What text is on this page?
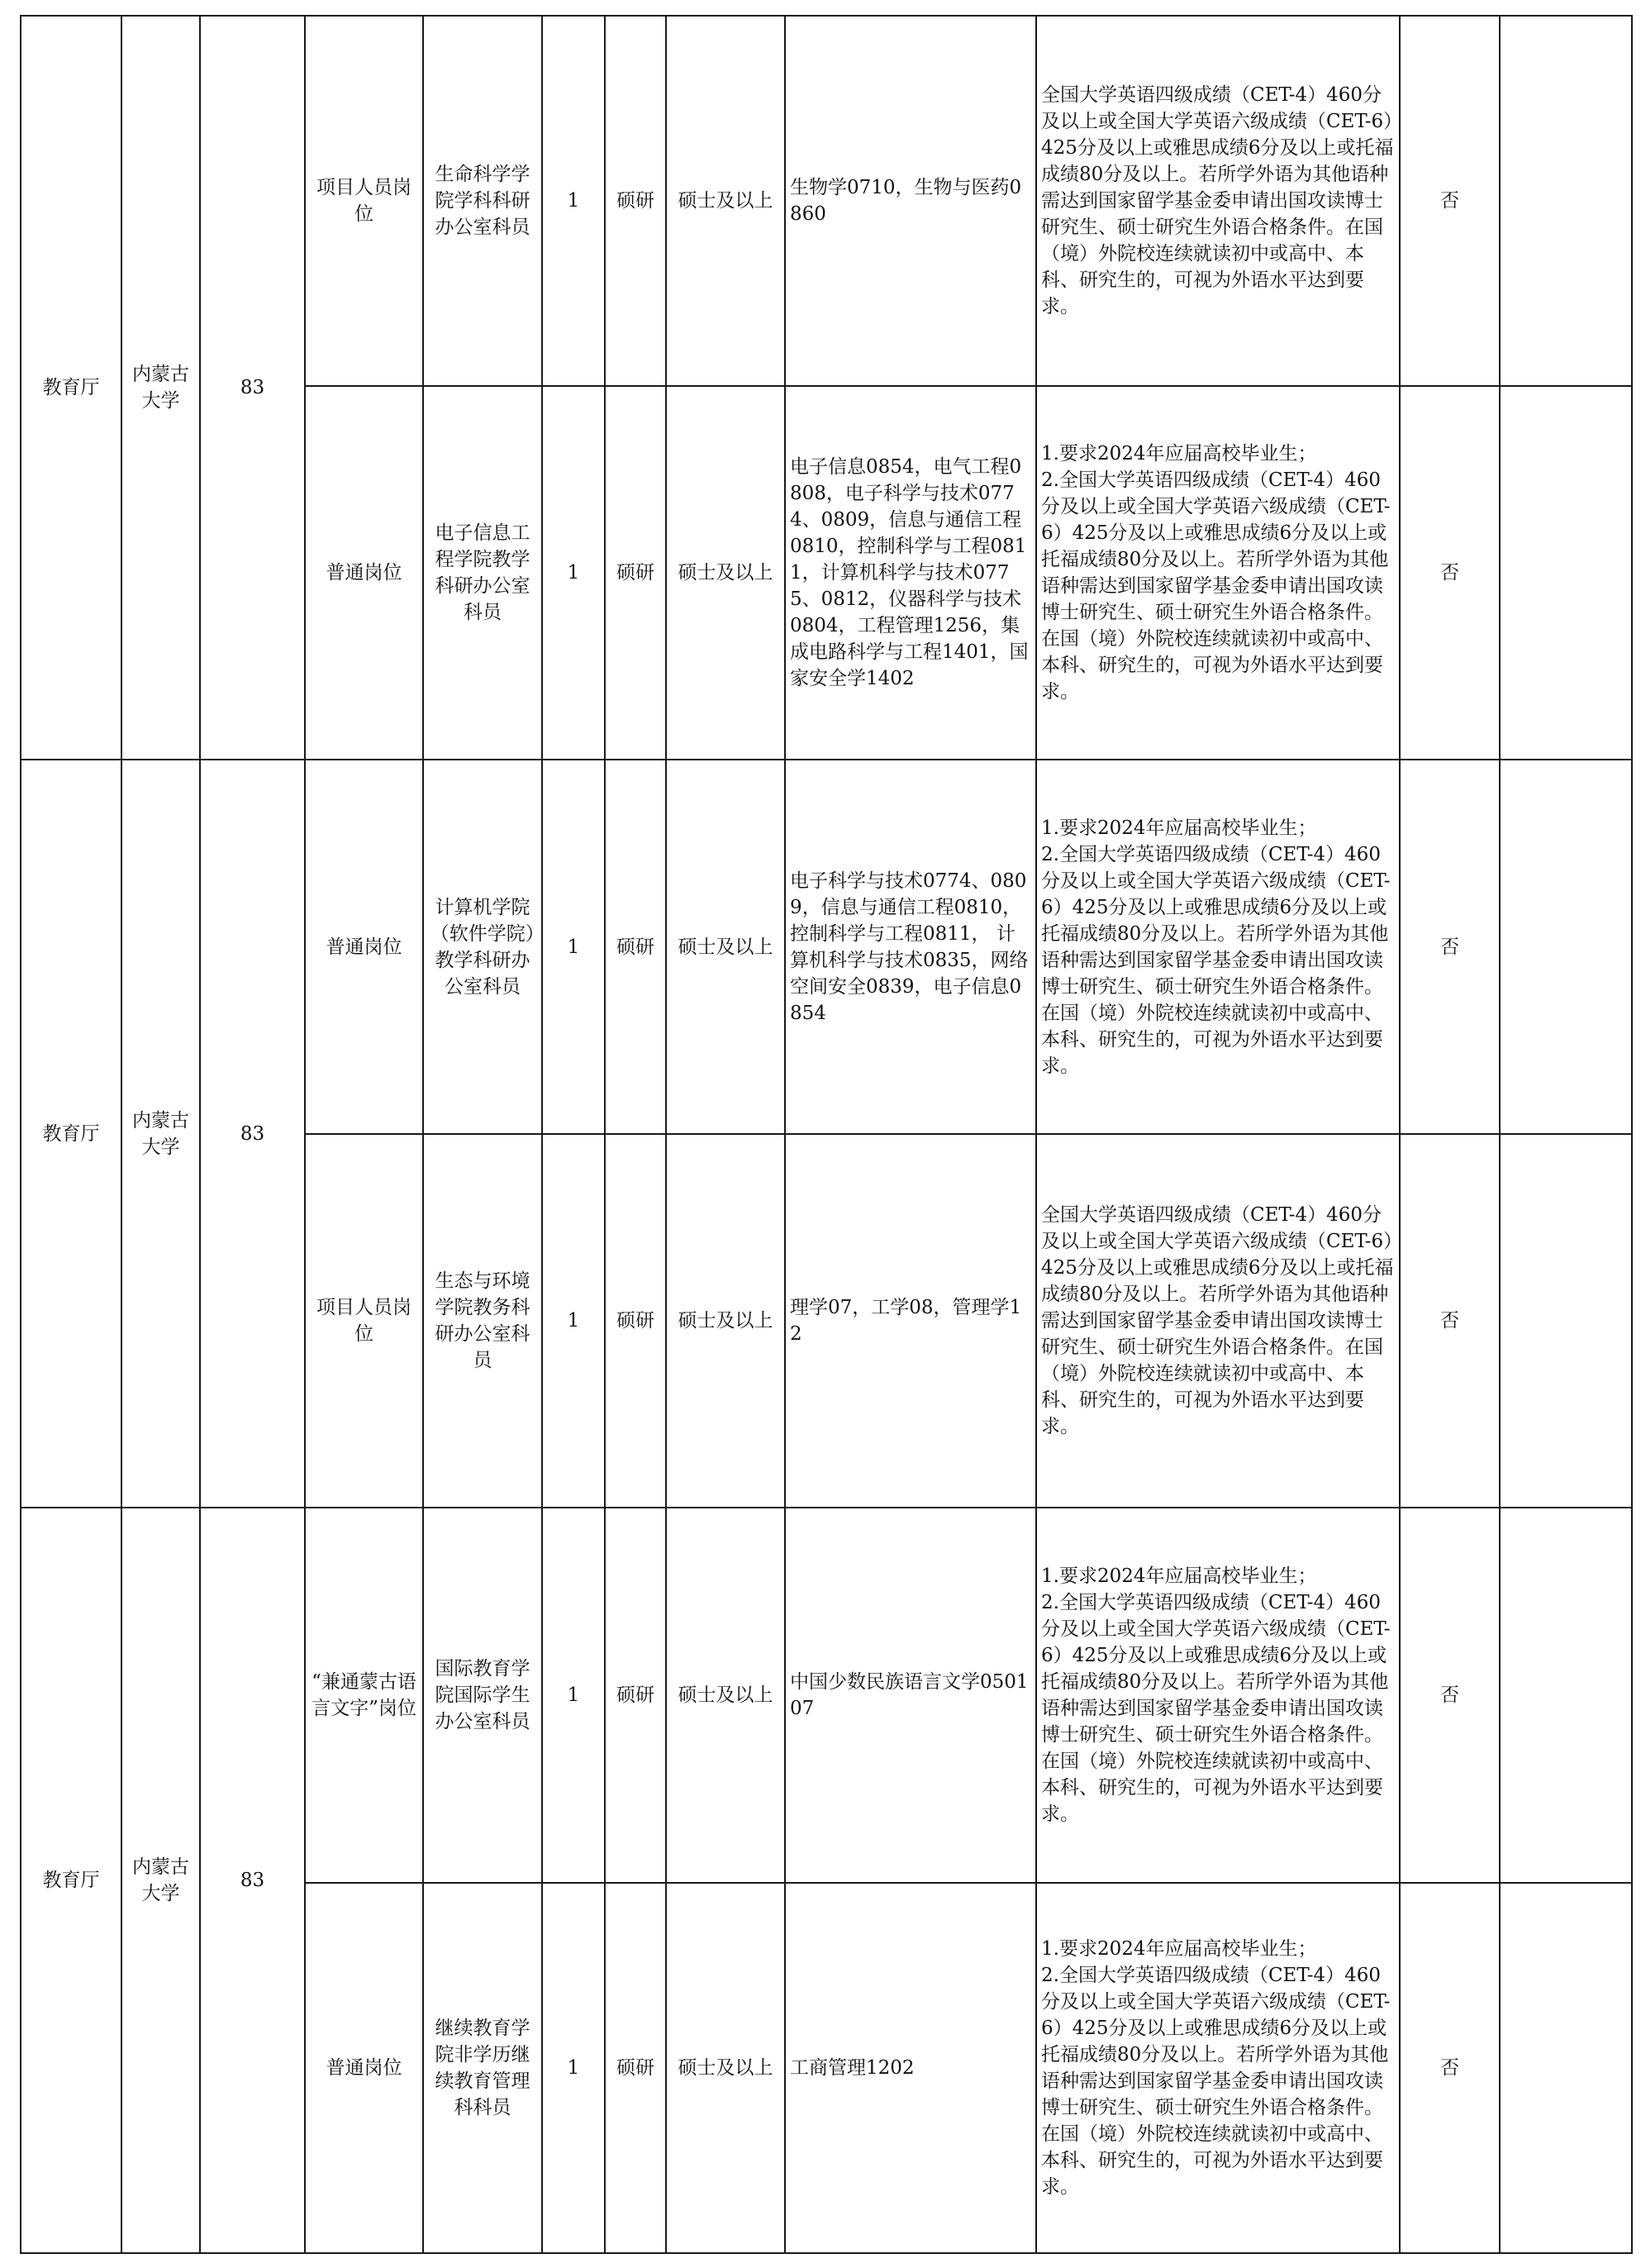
教育厅	内蒙古大学	83	项目人员岗位	生命科学学院学科科研办公室科员	1	硕研	硕士及以上	生物学0710，生物与医药0860	全国大学英语四级成绩（CET-4）460分及以上或全国大学英语六级成绩（CET-6）425分及以上或雅思成绩6分及以上或托福成绩80分及以上。若所学外语为其他语种需达到国家留学基金委申请出国攻读博士研究生、硕士研究生外语合格条件。在国（境）外院校连续就读初中或高中、本科、研究生的，可视为外语水平达到要求。	否	
			普通岗位	电子信息工程学院教学科研办公室科员	1	硕研	硕士及以上	电子信息0854，电气工程0808，电子科学与技术0774、0809，信息与通信工程0810，控制科学与工程0811，计算机科学与技术0775、0812，仪器科学与技术0804，工程管理1256，集成电路科学与工程1401，国家安全学1402	1.要求2024年应届高校毕业生；
2.全国大学英语四级成绩（CET-4）460分及以上或全国大学英语六级成绩（CET-6）425分及以上或雅思成绩6分及以上或托福成绩80分及以上。若所学外语为其他语种需达到国家留学基金委申请出国攻读博士研究生、硕士研究生外语合格条件。在国（境）外院校连续就读初中或高中、本科、研究生的，可视为外语水平达到要求。	否	
教育厅	内蒙古大学	83	普通岗位	计算机学院（软件学院）教学科研办公室科员	1	硕研	硕士及以上	电子科学与技术0774、0809，信息与通信工程0810，控制科学与工程0811， 计算机科学与技术0835，网络空间安全0839，电子信息0854	1.要求2024年应届高校毕业生；
2.全国大学英语四级成绩（CET-4）460分及以上或全国大学英语六级成绩（CET-6）425分及以上或雅思成绩6分及以上或托福成绩80分及以上。若所学外语为其他语种需达到国家留学基金委申请出国攻读博士研究生、硕士研究生外语合格条件。在国（境）外院校连续就读初中或高中、本科、研究生的，可视为外语水平达到要求。	否	
			项目人员岗位	生态与环境学院教务科研办公室科员	1	硕研	硕士及以上	理学07，工学08，管理学12	全国大学英语四级成绩（CET-4）460分及以上或全国大学英语六级成绩（CET-6）425分及以上或雅思成绩6分及以上或托福成绩80分及以上。若所学外语为其他语种需达到国家留学基金委申请出国攻读博士研究生、硕士研究生外语合格条件。在国（境）外院校连续就读初中或高中、本科、研究生的，可视为外语水平达到要求。	否	
教育厅	内蒙古大学	83	“兼通蒙古语言文字”岗位	国际教育学院国际学生办公室科员	1	硕研	硕士及以上	中国少数民族语言文学050107	1.要求2024年应届高校毕业生；
2.全国大学英语四级成绩（CET-4）460分及以上或全国大学英语六级成绩（CET-6）425分及以上或雅思成绩6分及以上或托福成绩80分及以上。若所学外语为其他语种需达到国家留学基金委申请出国攻读博士研究生、硕士研究生外语合格条件。在国（境）外院校连续就读初中或高中、本科、研究生的，可视为外语水平达到要求。	否	
			普通岗位	继续教育学院非学历继续教育管理科科员	1	硕研	硕士及以上	工商管理1202	1.要求2024年应届高校毕业生；
2.全国大学英语四级成绩（CET-4）460分及以上或全国大学英语六级成绩（CET-6）425分及以上或雅思成绩6分及以上或托福成绩80分及以上。若所学外语为其他语种需达到国家留学基金委申请出国攻读博士研究生、硕士研究生外语合格条件。在国（境）外院校连续就读初中或高中、本科、研究生的，可视为外语水平达到要求。	否	
